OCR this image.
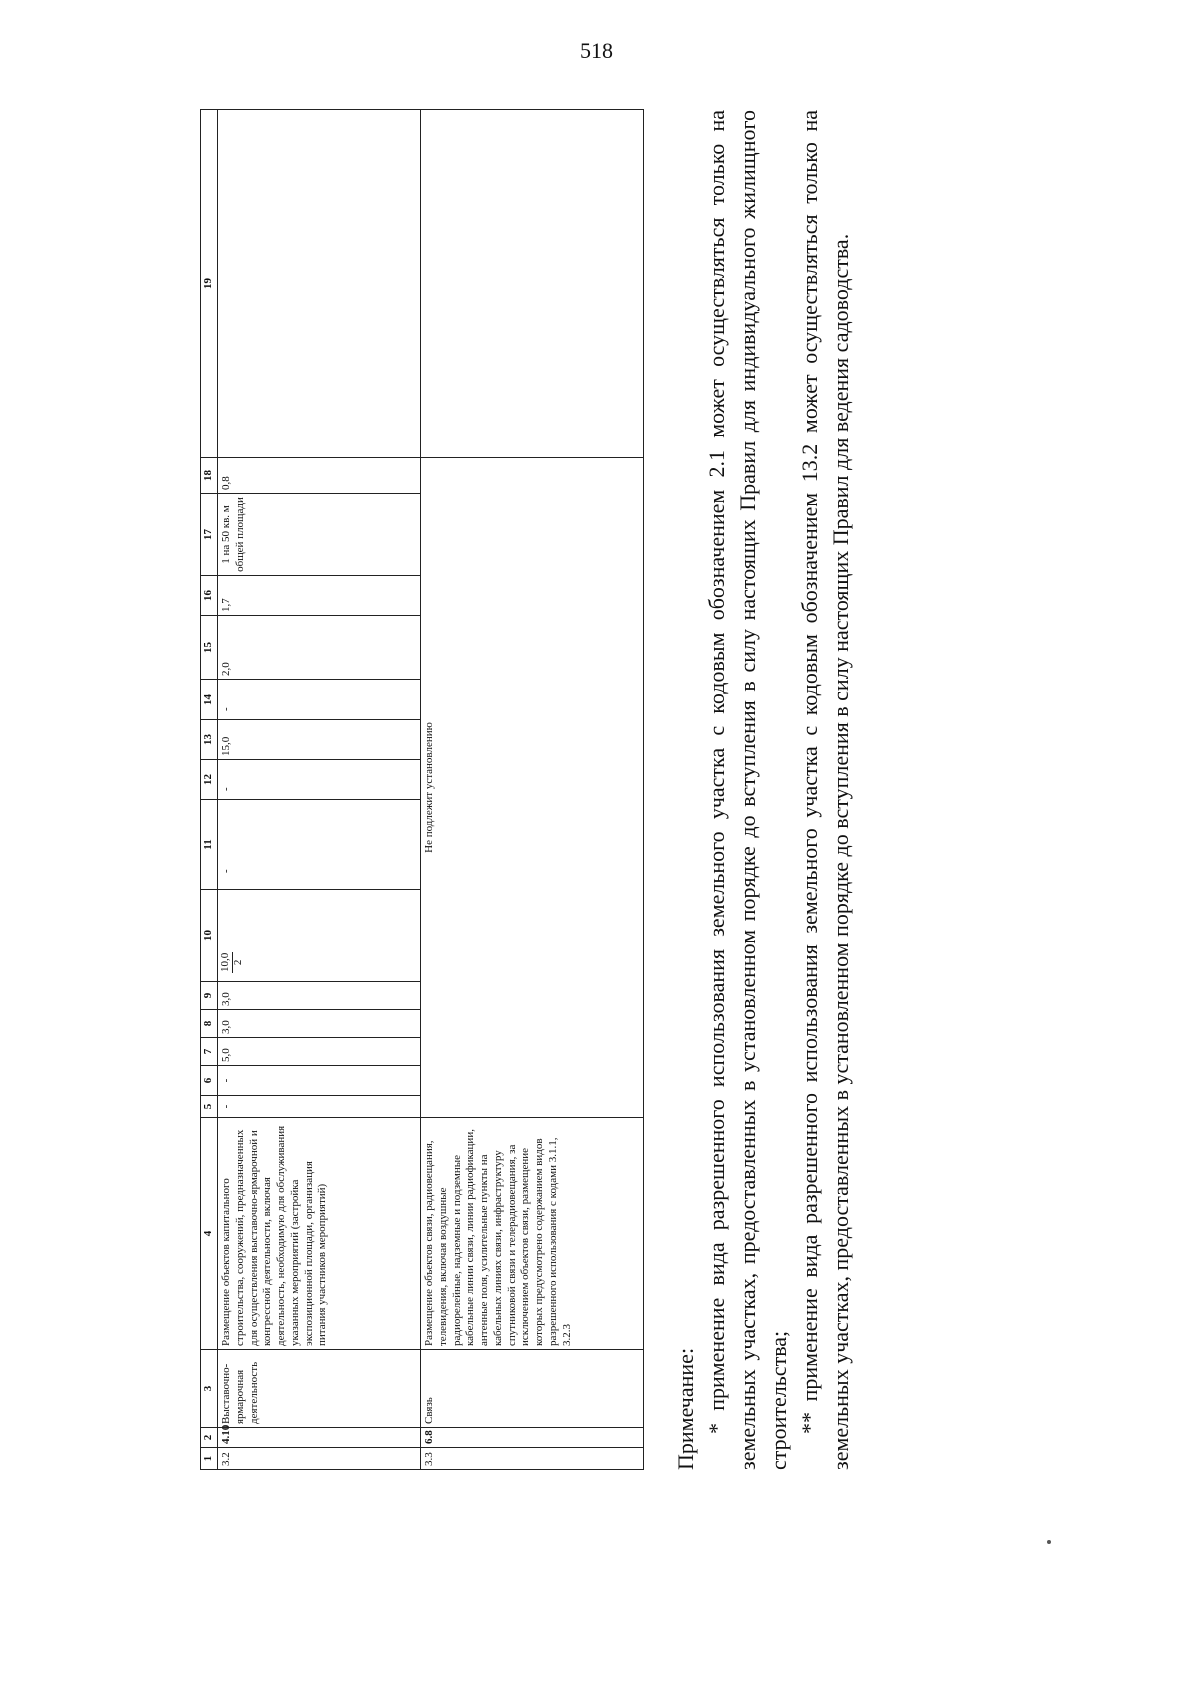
518
1	2	3	4	5	6	7	8	9	10	11	12	13	14	15	16	17	18	19
3.2	4.10	Выставочно-ярмарочная деятельность	Размещение объектов капитального строительства, сооружений, предназначенных для осуществления выставочно-ярмарочной и конгрессной деятельности, включая деятельность, необходимую для обслуживания указанных мероприятий (застройка экспозиционной площади, организация питания участников мероприятий)	-	-	5,0	3,0	3,0	10,0 2	-	-	15,0	-	2,0	1,7	1 на 50 кв. м общей площади	0,8	
3.3	6.8	Связь	Размещение объектов связи, радиовещания, телевидения, включая воздушные радиорелейные, надземные и подземные кабельные линии связи, линии радиофикации, антенные поля, усилительные пункты на кабельных линиях связи, инфраструктуру спутниковой связи и телерадиовещания, за исключением объектов связи, размещение которых предусмотрено содержанием видов разрешенного использования с кодами 3.1.1, 3.2.3	Не подлежит установлению														

Примечание: * применение вида разрешенного использования земельного участка с кодовым обозначением 2.1 может осуществляться только на земельных участках, предоставленных в установленном порядке до вступления в силу настоящих Правил для индивидуального жилищного строительства; ** применение вида разрешенного использования земельного участка с кодовым обозначением 13.2 может осуществляться только на земельных участках, предоставленных в установленном порядке до вступления в силу настоящих Правил для ведения садоводства.
